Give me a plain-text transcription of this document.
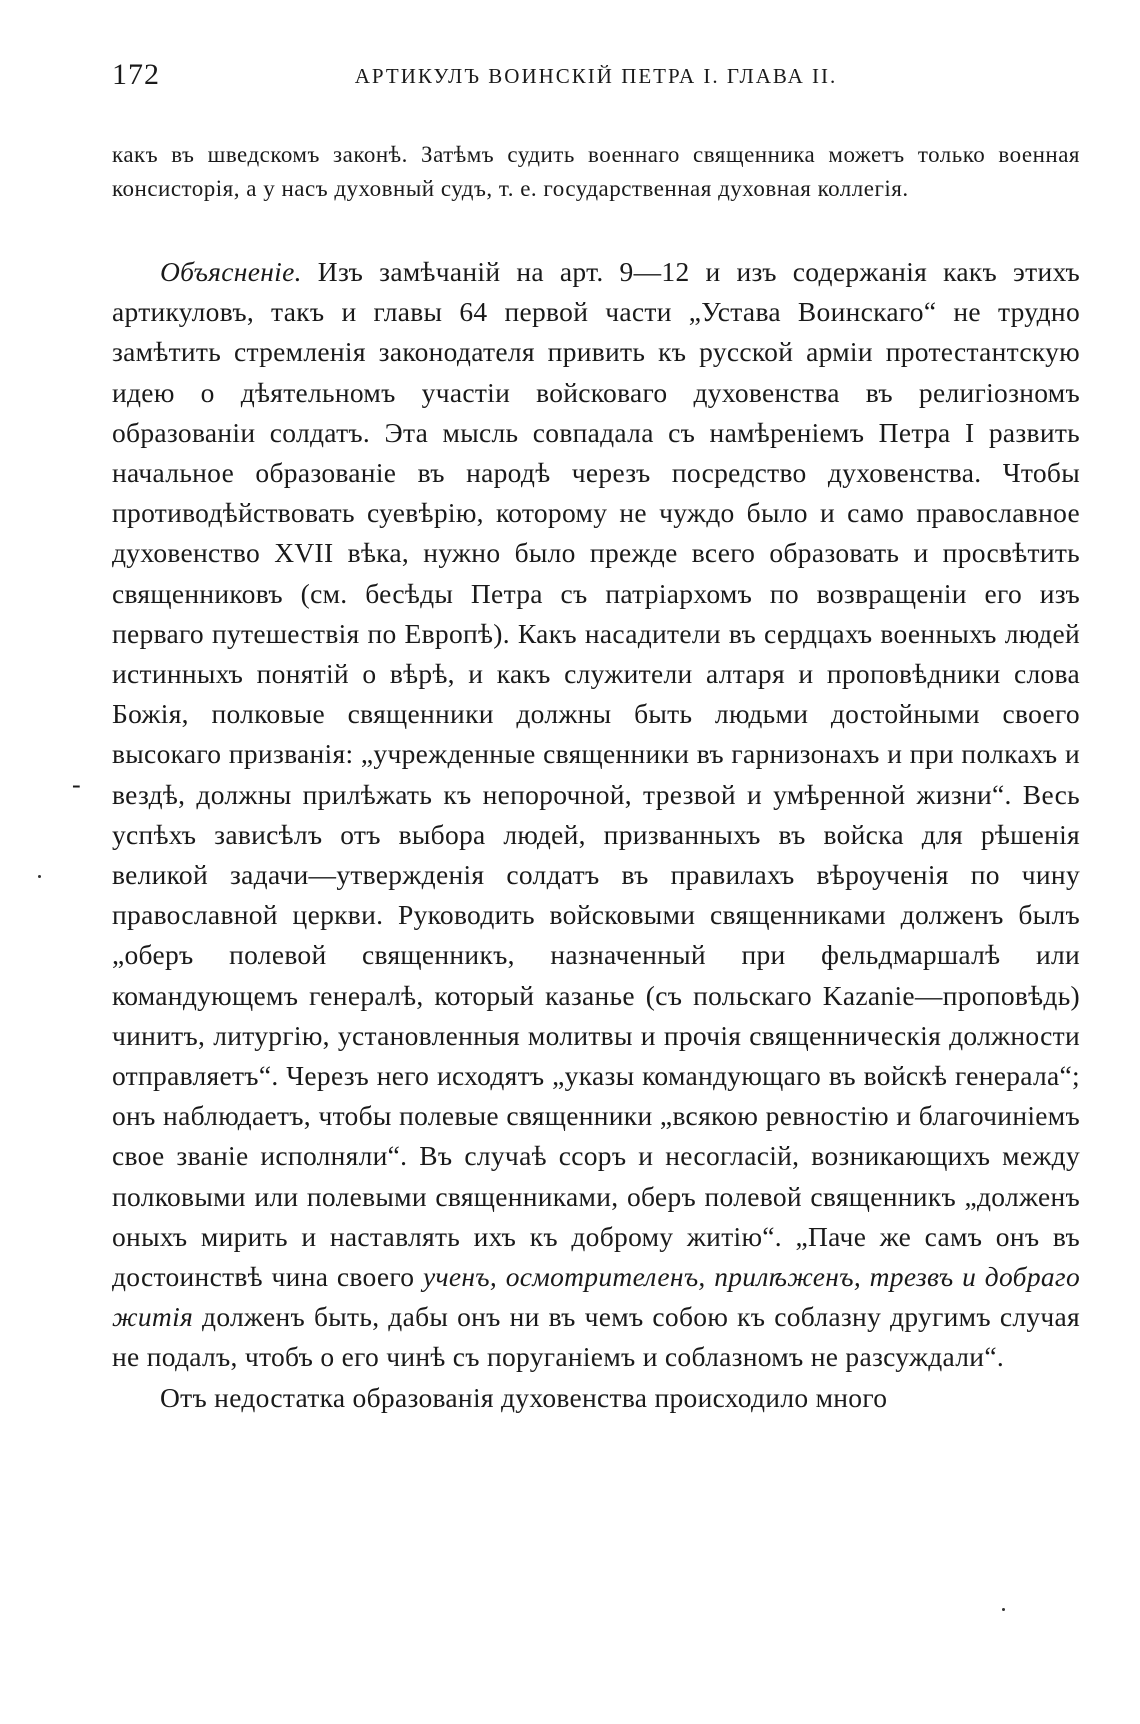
172	АРТИКУЛЪ ВОИНСКІЙ ПЕТРА I. ГЛАВА II.
какъ въ шведскомъ законѣ. Затѣмъ судить военнаго священника можетъ только военная консисторія, а у насъ духовный судъ, т. е. государственная духовная коллегія.
-

Объясненіе. Изъ замѣчаній на арт. 9—12 и изъ содержанія какъ этихъ артикуловъ, такъ и главы 64 первой части „Устава Воинскаго“ не трудно замѣтить стремленія законодателя привить къ русской арміи протестантскую идею о дѣятельномъ участіи войсковаго духовенства въ религіозномъ образованіи солдатъ. Эта мысль совпадала съ намѣреніемъ Петра I развить начальное образованіе въ народѣ черезъ посредство духовенства. Чтобы противодѣйствовать суевѣрію, которому не чуждо было и само православное духовенство XVII вѣка, нужно было прежде всего образовать и просвѣтить священниковъ (см. бесѣды Петра съ патріархомъ по возвращеніи его изъ перваго путешествія по Европѣ). Какъ насадители въ сердцахъ военныхъ людей истинныхъ понятій о вѣрѣ, и какъ служители алтаря и проповѣдники слова Божія, полковые священники должны быть людьми достойными своего высокаго призванія: „учрежденные священники въ гарнизонахъ и при полкахъ и вездѣ, должны прилѣжать къ непорочной, трезвой и умѣренной жизни“. Весь успѣхъ зависѣлъ отъ выбора людей, призванныхъ въ войска для рѣшенія великой задачи—утвержденія солдатъ въ правилахъ вѣроученія по чину православной церкви. Руководить войсковыми священниками долженъ былъ „оберъ полевой священникъ, назначенный при фельдмаршалѣ или командующемъ генералѣ, который казанье (съ польскаго Kazanie—проповѣдь) чинитъ, литургію, установленныя молитвы и прочія священническія должности отправляетъ“. Черезъ него исходятъ „указы командующаго въ войскѣ генерала“; онъ наблюдаетъ, чтобы полевые священники „всякою ревностію и благочиніемъ свое званіе исполняли“. Въ случаѣ ссоръ и несогласій, возникающихъ между полковыми или полевыми священниками, оберъ полевой священникъ „долженъ оныхъ мирить и наставлять ихъ къ доброму житію“. „Паче же самъ онъ въ достоинствѣ чина своего ученъ, осмотрителенъ, прилѣженъ, трезвъ и добраго житія долженъ быть, дабы онъ ни въ чемъ собою къ соблазну другимъ случая не подалъ, чтобъ о его чинѣ съ поруганіемъ и соблазномъ не разсуждали“.

Отъ недостатка образованія духовенства происходило много
